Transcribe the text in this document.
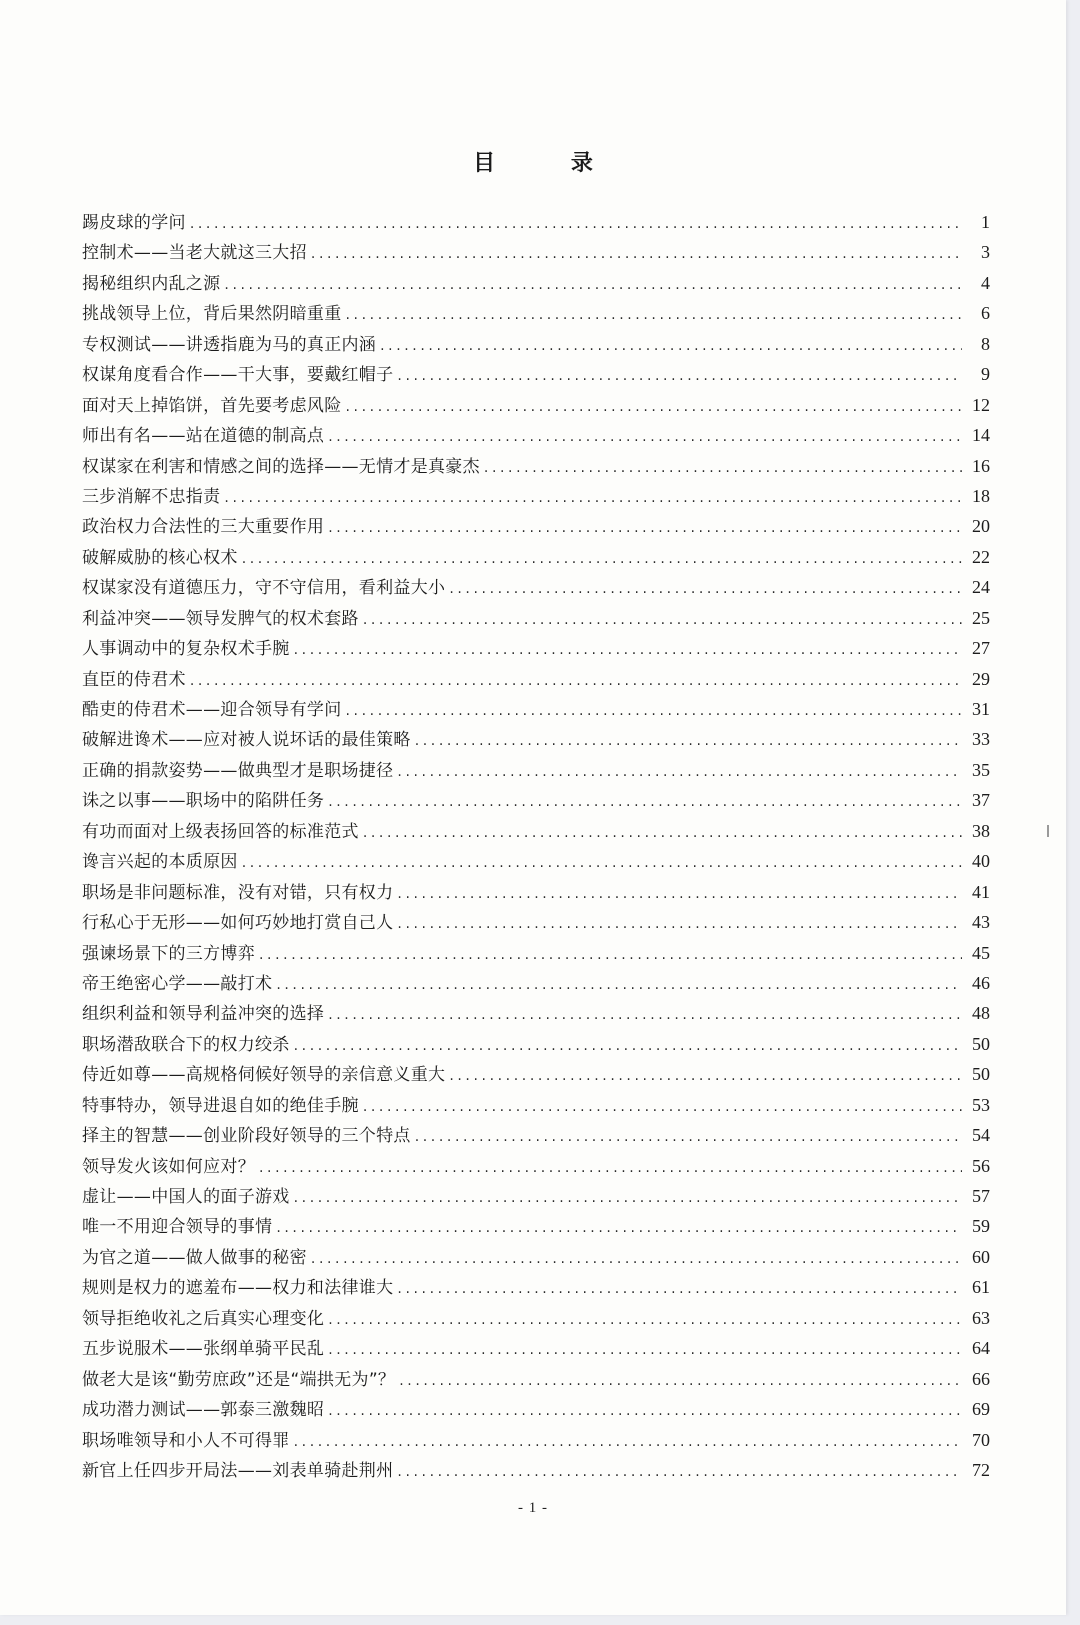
目 录
踢皮球的学问 .....	1
控制术——当老大就这三大招 .....	3
揭秘组织内乱之源 .....	4
挑战领导上位，背后果然阴暗重重 .....	6
专权测试——讲透指鹿为马的真正内涵 .....	8
权谋角度看合作——干大事，要戴红帽子 .....	9
面对天上掉馅饼，首先要考虑风险 .....	12
师出有名——站在道德的制高点 .....	14
权谋家在利害和情感之间的选择——无情才是真豪杰 .....	16
三步消解不忠指责 .....	18
政治权力合法性的三大重要作用 .....	20
破解威胁的核心权术 .....	22
权谋家没有道德压力，守不守信用，看利益大小 .....	24
利益冲突——领导发脾气的权术套路 .....	25
人事调动中的复杂权术手腕 .....	27
直臣的侍君术 .....	29
酷吏的侍君术——迎合领导有学问 .....	31
破解进谗术——应对被人说坏话的最佳策略 .....	33
正确的捐款姿势——做典型才是职场捷径 .....	35
诛之以事——职场中的陷阱任务 .....	37
有功而面对上级表扬回答的标准范式 .....	38
谗言兴起的本质原因 .....	40
职场是非问题标准，没有对错，只有权力 .....	41
行私心于无形——如何巧妙地打赏自己人 .....	43
强谏场景下的三方博弈 .....	45
帝王绝密心学——敲打术 .....	46
组织利益和领导利益冲突的选择 .....	48
职场潜敌联合下的权力绞杀 .....	50
侍近如尊——高规格伺候好领导的亲信意义重大 .....	50
特事特办，领导进退自如的绝佳手腕 .....	53
择主的智慧——创业阶段好领导的三个特点 .....	54
领导发火该如何应对？ .....	56
虚让——中国人的面子游戏 .....	57
唯一不用迎合领导的事情 .....	59
为官之道——做人做事的秘密 .....	60
规则是权力的遮羞布——权力和法律谁大 .....	61
领导拒绝收礼之后真实心理变化 .....	63
五步说服术——张纲单骑平民乱 .....	64
做老大是该“勤劳庶政”还是“端拱无为”？ .....	66
成功潜力测试——郭泰三激魏昭 .....	69
职场唯领导和小人不可得罪 .....	70
新官上任四步开局法——刘表单骑赴荆州 .....	72
- 1 -
